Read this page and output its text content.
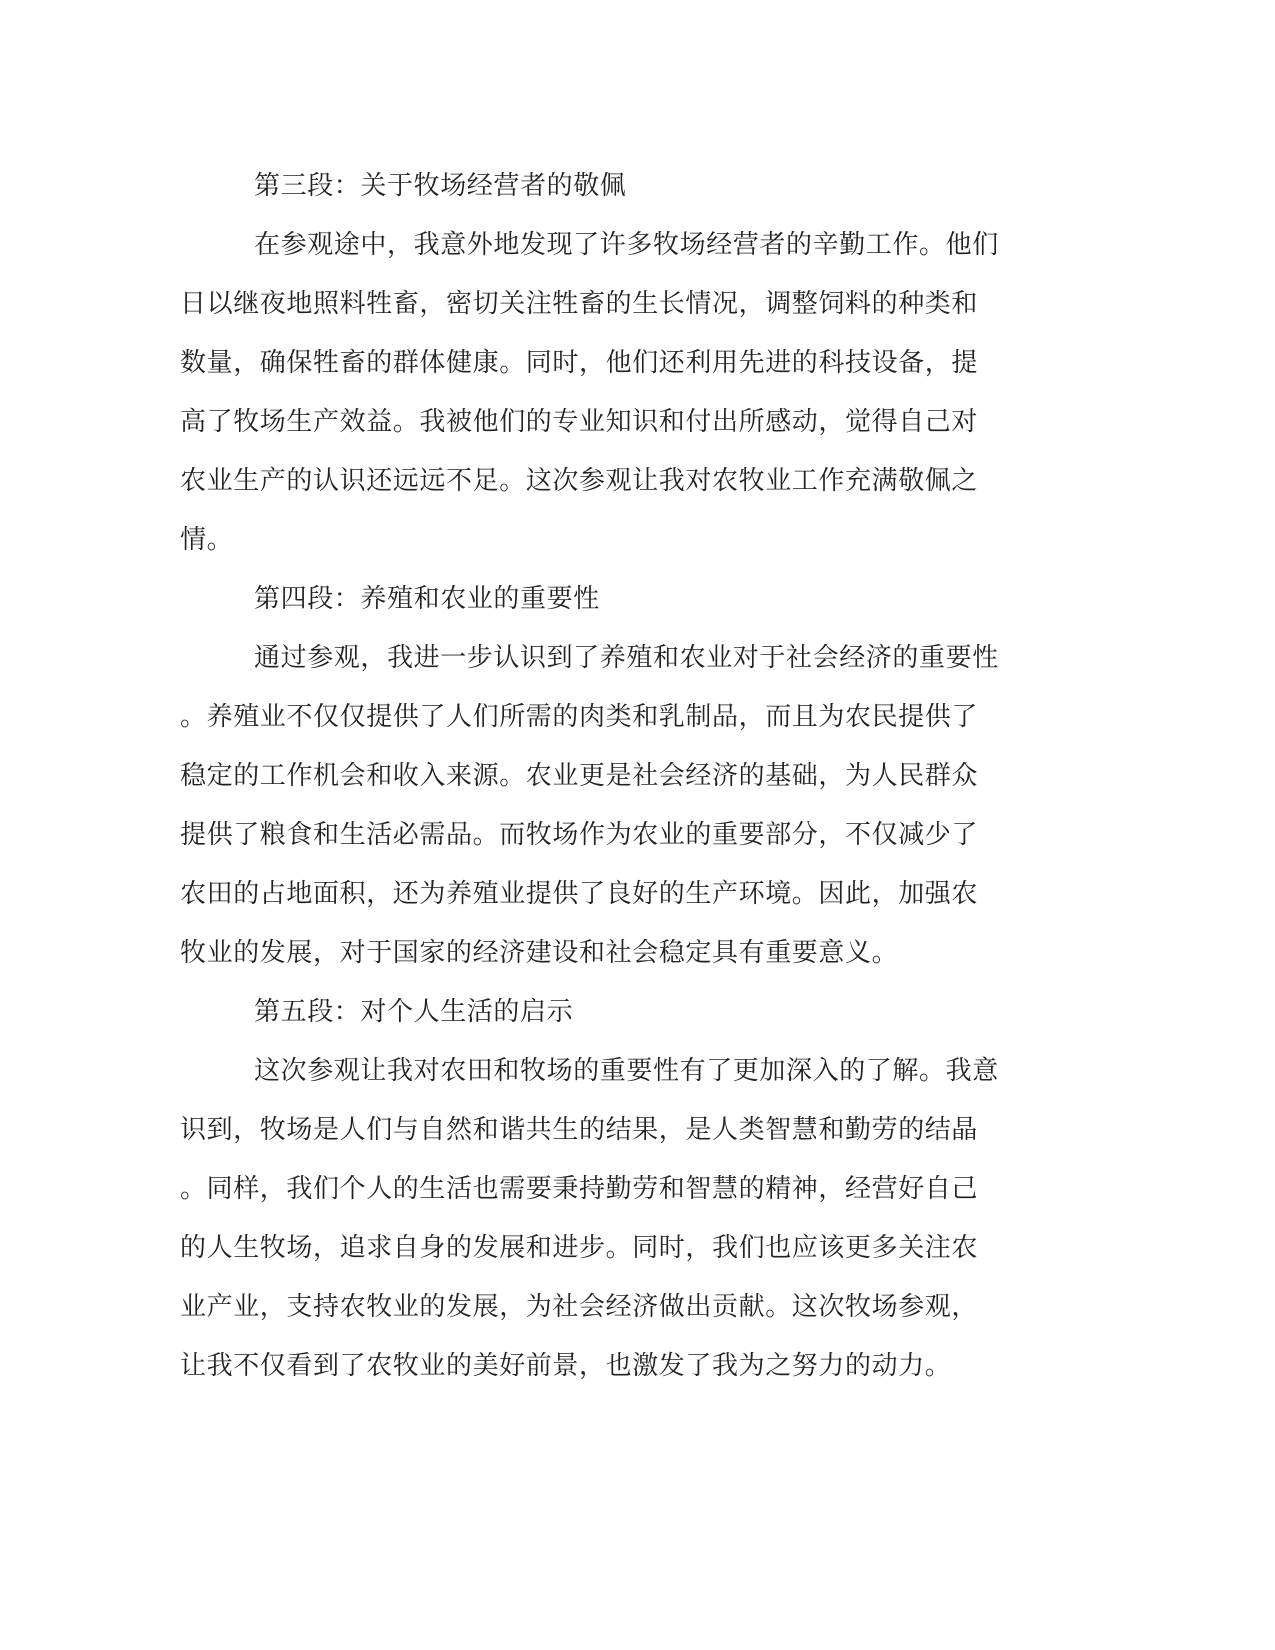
第三段：关于牧场经营者的敬佩
在参观途中，我意外地发现了许多牧场经营者的辛勤工作。他们
日以继夜地照料牲畜，密切关注牲畜的生长情况，调整饲料的种类和
数量，确保牲畜的群体健康。同时，他们还利用先进的科技设备，提
高了牧场生产效益。我被他们的专业知识和付出所感动，觉得自己对
农业生产的认识还远远不足。这次参观让我对农牧业工作充满敬佩之
情。
第四段：养殖和农业的重要性
通过参观，我进一步认识到了养殖和农业对于社会经济的重要性
。养殖业不仅仅提供了人们所需的肉类和乳制品，而且为农民提供了
稳定的工作机会和收入来源。农业更是社会经济的基础，为人民群众
提供了粮食和生活必需品。而牧场作为农业的重要部分，不仅减少了
农田的占地面积，还为养殖业提供了良好的生产环境。因此，加强农
牧业的发展，对于国家的经济建设和社会稳定具有重要意义。
第五段：对个人生活的启示
这次参观让我对农田和牧场的重要性有了更加深入的了解。我意
识到，牧场是人们与自然和谐共生的结果，是人类智慧和勤劳的结晶
。同样，我们个人的生活也需要秉持勤劳和智慧的精神，经营好自己
的人生牧场，追求自身的发展和进步。同时，我们也应该更多关注农
业产业，支持农牧业的发展，为社会经济做出贡献。这次牧场参观，
让我不仅看到了农牧业的美好前景，也激发了我为之努力的动力。
